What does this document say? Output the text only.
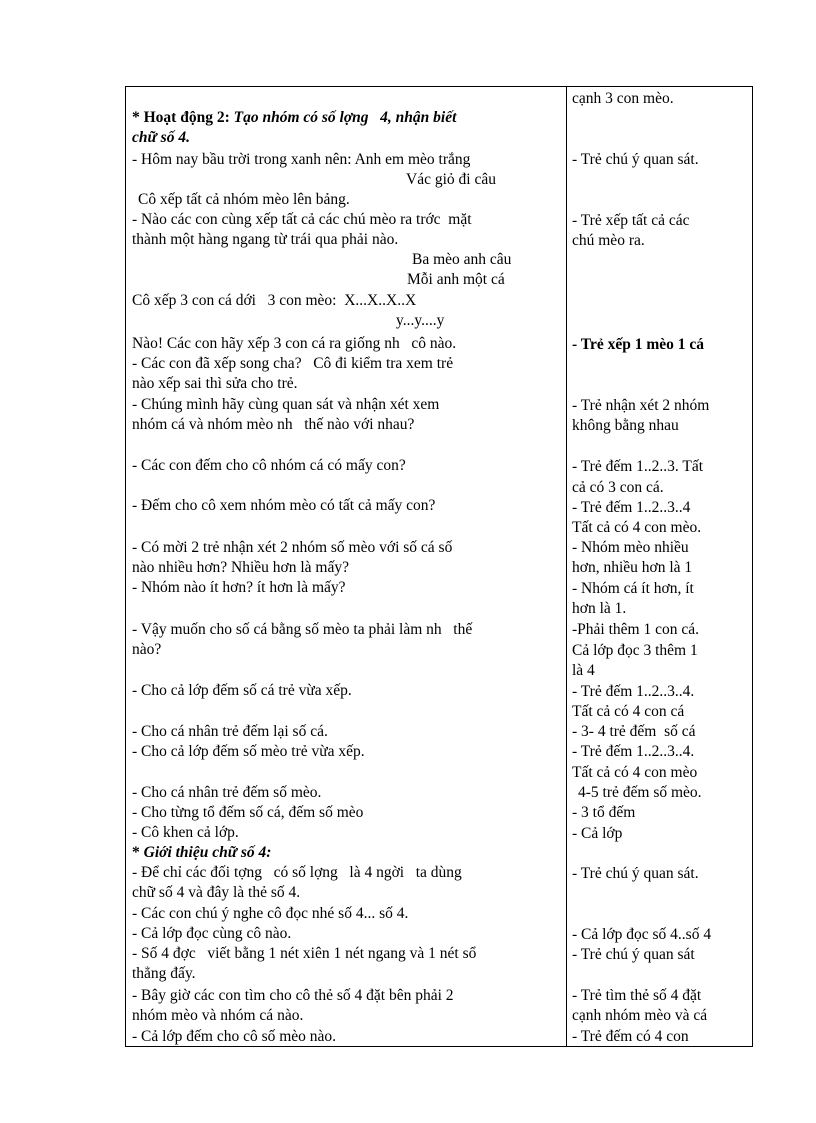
* Hoạt động 2: Tạo nhóm có số lợng   4, nhận biết
chữ số 4.
- Hôm nay bầu trời trong xanh nên: Anh em mèo trắng
Vác giỏ đi câu
Cô xếp tất cả nhóm mèo lên bảng.
- Nào các con cùng xếp tất cả các chú mèo ra trớc  mặt
thành một hàng ngang từ trái qua phải nào.
Ba mèo anh câu
Mỗi anh một cá
Cô xếp 3 con cá dới   3 con mèo:  X...X..X..X
y...y....y
Nào! Các con hãy xếp 3 con cá ra giống nh   cô nào.
- Các con đã xếp song cha?   Cô đi kiểm tra xem trẻ
nào xếp sai thì sửa cho trẻ.
- Chúng mình hãy cùng quan sát và nhận xét xem
nhóm cá và nhóm mèo nh   thế nào với nhau?
- Các con đếm cho cô nhóm cá có mấy con?
- Đếm cho cô xem nhóm mèo có tất cả mấy con?
- Có mời 2 trẻ nhận xét 2 nhóm số mèo với số cá số
nào nhiều hơn? Nhiều hơn là mấy?
- Nhóm nào ít hơn? ít hơn là mấy?
- Vậy muốn cho số cá bằng số mèo ta phải làm nh   thế
nào?
- Cho cả lớp đếm số cá trẻ vừa xếp.
- Cho cá nhân trẻ đếm lại số cá.
- Cho cả lớp đếm số mèo trẻ vừa xếp.
- Cho cá nhân trẻ đếm số mèo.
- Cho từng tổ đếm số cá, đếm số mèo
- Cô khen cả lớp.
* Giới thiệu chữ số 4:
- Để chỉ các đối tợng   có số lợng   là 4 ngời   ta dùng
chữ số 4 và đây là thẻ số 4.
- Các con chú ý nghe cô đọc nhé số 4... số 4.
- Cả lớp đọc cùng cô nào.
- Số 4 đợc   viết bằng 1 nét xiên 1 nét ngang và 1 nét sổ
thẳng đấy.
- Bây giờ các con tìm cho cô thẻ số 4 đặt bên phải 2
nhóm mèo và nhóm cá nào.
- Cả lớp đếm cho cô số mèo nào.
cạnh 3 con mèo.
- Trẻ chú ý quan sát.
- Trẻ xếp tất cả các
chú mèo ra.
- Trẻ xếp 1 mèo 1 cá
- Trẻ nhận xét 2 nhóm
không bằng nhau
- Trẻ đếm 1..2..3. Tất
cả có 3 con cá.
- Trẻ đếm 1..2..3..4
Tất cả có 4 con mèo.
- Nhóm mèo nhiều
hơn, nhiều hơn là 1
- Nhóm cá ít hơn, ít
hơn là 1.
-Phải thêm 1 con cá.
Cả lớp đọc 3 thêm 1
là 4
- Trẻ đếm 1..2..3..4.
Tất cả có 4 con cá
- 3- 4 trẻ đếm  số cá
- Trẻ đếm 1..2..3..4.
Tất cả có 4 con mèo
4-5 trẻ đếm số mèo.
- 3 tổ đếm
- Cả lớp
- Trẻ chú ý quan sát.
- Cả lớp đọc số 4..số 4
- Trẻ chú ý quan sát
- Trẻ tìm thẻ số 4 đặt
cạnh nhóm mèo và cá
- Trẻ đếm có 4 con
